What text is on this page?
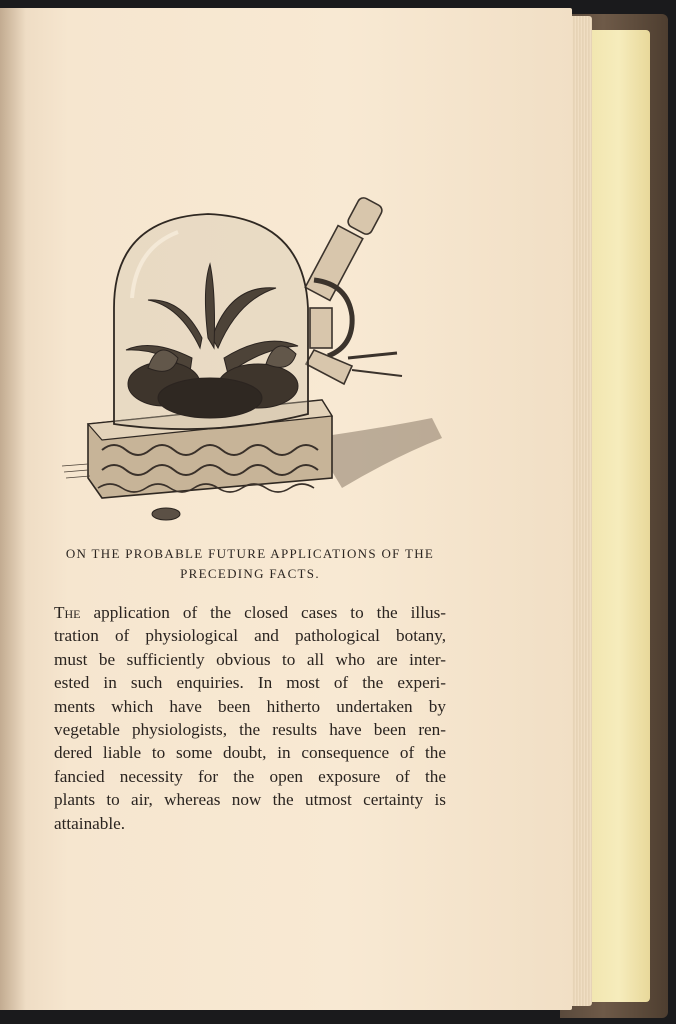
ON THE PROBABLE FUTURE APPLICATIONS OF THE
PRECEDING FACTS.
The application of the closed cases to the illus-
tration of physiological and pathological botany,
must be sufficiently obvious to all who are inter-
ested in such enquiries. In most of the experi-
ments which have been hitherto undertaken by
vegetable physiologists, the results have been ren-
dered liable to some doubt, in consequence of the
fancied necessity for the open exposure of the
plants to air, whereas now the utmost certainty is
attainable.
